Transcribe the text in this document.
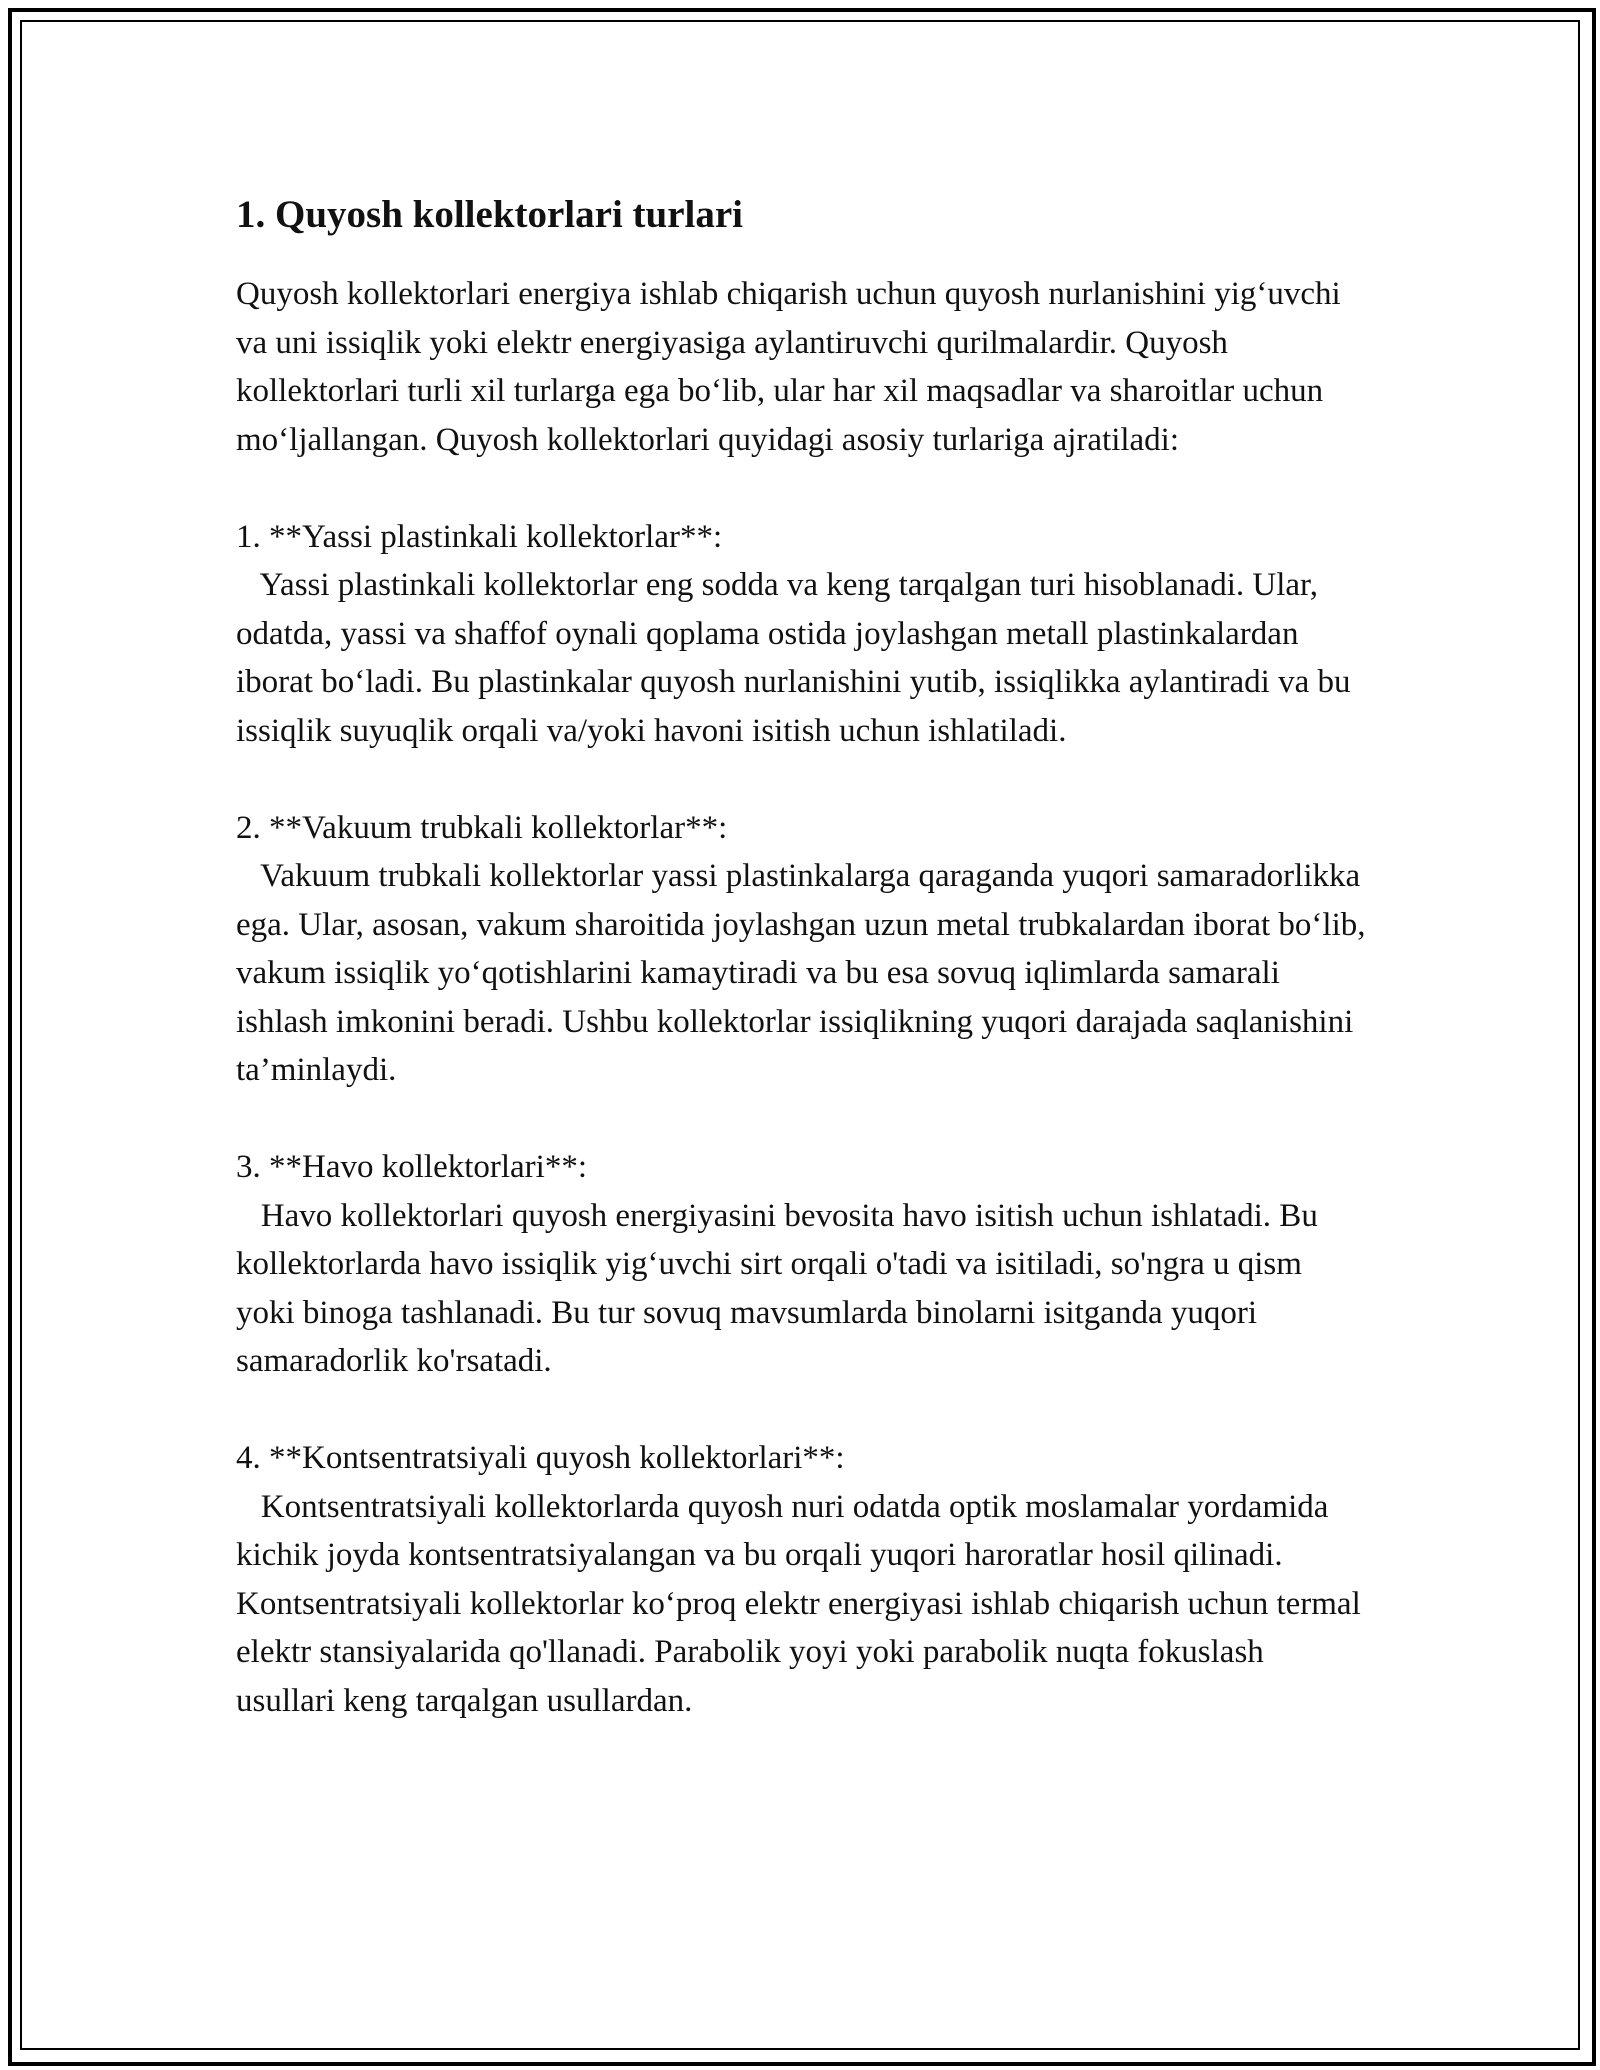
1. Quyosh kollektorlari turlari

Quyosh kollektorlari energiya ishlab chiqarish uchun quyosh nurlanishini yig‘uvchi va uni issiqlik yoki elektr energiyasiga aylantiruvchi qurilmalardir. Quyosh kollektorlari turli xil turlarga ega bo‘lib, ular har xil maqsadlar va sharoitlar uchun mo‘ljallangan. Quyosh kollektorlari quyidagi asosiy turlariga ajratiladi:

1. **Yassi plastinkali kollektorlar**:

Yassi plastinkali kollektorlar eng sodda va keng tarqalgan turi hisoblanadi. Ular, odatda, yassi va shaffof oynali qoplama ostida joylashgan metall plastinkalardan iborat bo‘ladi. Bu plastinkalar quyosh nurlanishini yutib, issiqlikka aylantiradi va bu issiqlik suyuqlik orqali va/yoki havoni isitish uchun ishlatiladi.

2. **Vakuum trubkali kollektorlar**:

Vakuum trubkali kollektorlar yassi plastinkalarga qaraganda yuqori samaradorlikka ega. Ular, asosan, vakum sharoitida joylashgan uzun metal trubkalardan iborat bo‘lib, vakum issiqlik yo‘qotishlarini kamaytiradi va bu esa sovuq iqlimlarda samarali ishlash imkonini beradi. Ushbu kollektorlar issiqlikning yuqori darajada saqlanishini ta’minlaydi.

3. **Havo kollektorlari**:

Havo kollektorlari quyosh energiyasini bevosita havo isitish uchun ishlatadi. Bu kollektorlarda havo issiqlik yig‘uvchi sirt orqali o'tadi va isitiladi, so'ngra u qism yoki binoga tashlanadi. Bu tur sovuq mavsumlarda binolarni isitganda yuqori samaradorlik ko'rsatadi.

4. **Kontsentratsiyali quyosh kollektorlari**:

Kontsentratsiyali kollektorlarda quyosh nuri odatda optik moslamalar yordamida kichik joyda kontsentratsiyalangan va bu orqali yuqori haroratlar hosil qilinadi. Kontsentratsiyali kollektorlar ko‘proq elektr energiyasi ishlab chiqarish uchun termal elektr stansiyalarida qo'llanadi. Parabolik yoyi yoki parabolik nuqta fokuslash usullari keng tarqalgan usullardan.
